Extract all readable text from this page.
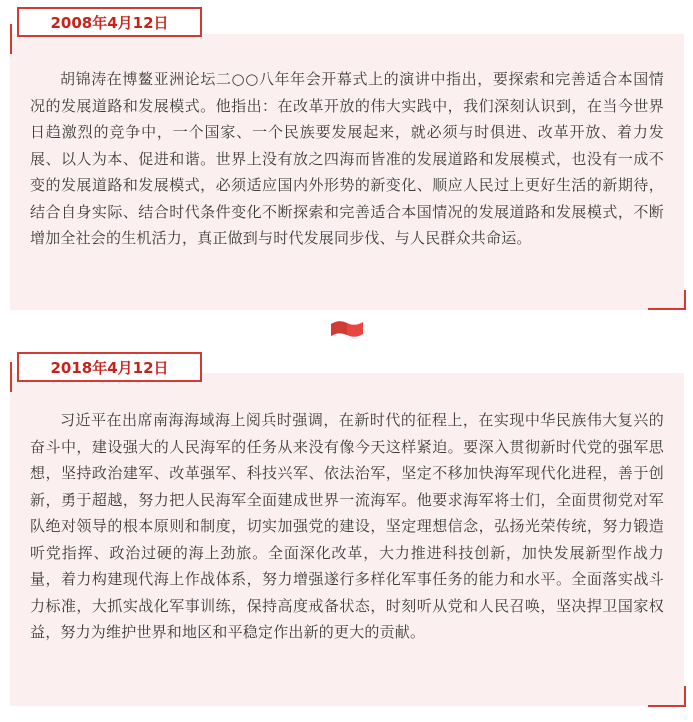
2008年4月12日

胡锦涛在博鳌亚洲论坛二○○八年年会开幕式上的演讲中指出，要探索和完善适合本国情况的发展道路和发展模式。他指出：在改革开放的伟大实践中，我们深刻认识到，在当今世界日趋激烈的竞争中，一个国家、一个民族要发展起来，就必须与时俱进、改革开放、着力发展、以人为本、促进和谐。世界上没有放之四海而皆准的发展道路和发展模式，也没有一成不变的发展道路和发展模式，必须适应国内外形势的新变化、顺应人民过上更好生活的新期待，结合自身实际、结合时代条件变化不断探索和完善适合本国情况的发展道路和发展模式，不断增加全社会的生机活力，真正做到与时代发展同步伐、与人民群众共命运。

2018年4月12日

习近平在出席南海海域海上阅兵时强调，在新时代的征程上，在实现中华民族伟大复兴的奋斗中，建设强大的人民海军的任务从来没有像今天这样紧迫。要深入贯彻新时代党的强军思想，坚持政治建军、改革强军、科技兴军、依法治军，坚定不移加快海军现代化进程，善于创新，勇于超越，努力把人民海军全面建成世界一流海军。他要求海军将士们，全面贯彻党对军队绝对领导的根本原则和制度，切实加强党的建设，坚定理想信念，弘扬光荣传统，努力锻造听党指挥、政治过硬的海上劲旅。全面深化改革，大力推进科技创新，加快发展新型作战力量，着力构建现代海上作战体系，努力增强遂行多样化军事任务的能力和水平。全面落实战斗力标准，大抓实战化军事训练，保持高度戒备状态，时刻听从党和人民召唤，坚决捍卫国家权益，努力为维护世界和地区和平稳定作出新的更大的贡献。
